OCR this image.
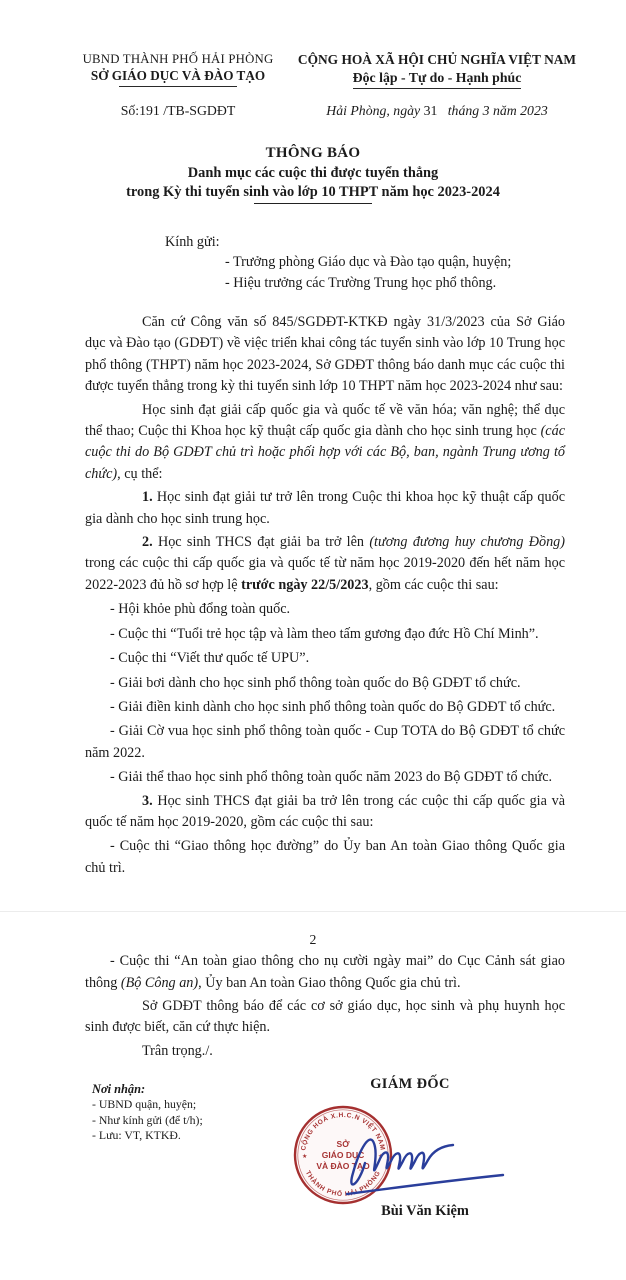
UBND THÀNH PHỐ HẢI PHÒNG
SỞ GIÁO DỤC VÀ ĐÀO TẠO
CỘNG HOÀ XÃ HỘI CHỦ NGHĨA VIỆT NAM
Độc lập - Tự do - Hạnh phúc
Số:191 /TB-SGDĐT	Hải Phòng, ngày 31   tháng 3 năm 2023
THÔNG BÁO
Danh mục các cuộc thi được tuyển thẳng
trong Kỳ thi tuyển sinh vào lớp 10 THPT năm học 2023-2024
Kính gửi:
- Trưởng phòng Giáo dục và Đào tạo quận, huyện;
- Hiệu trưởng các Trường Trung học phổ thông.

Căn cứ Công văn số 845/SGDĐT-KTKĐ ngày 31/3/2023 của Sở Giáo dục và Đào tạo (GDĐT) về việc triển khai công tác tuyển sinh vào lớp 10 Trung học phổ thông (THPT) năm học 2023-2024, Sở GDĐT thông báo danh mục các cuộc thi được tuyển thẳng trong kỳ thi tuyển sinh lớp 10 THPT năm học 2023-2024 như sau:

Học sinh đạt giải cấp quốc gia và quốc tế về văn hóa; văn nghệ; thể dục thể thao; Cuộc thi Khoa học kỹ thuật cấp quốc gia dành cho học sinh trung học (các cuộc thi do Bộ GDĐT chủ trì hoặc phối hợp với các Bộ, ban, ngành Trung ương tổ chức), cụ thể:

1. Học sinh đạt giải tư trở lên trong Cuộc thi khoa học kỹ thuật cấp quốc gia dành cho học sinh trung học.

2. Học sinh THCS đạt giải ba trở lên (tương đương huy chương Đồng) trong các cuộc thi cấp quốc gia và quốc tế từ năm học 2019-2020 đến hết năm học 2022-2023 đủ hồ sơ hợp lệ trước ngày 22/5/2023, gồm các cuộc thi sau:

- Hội khỏe phù đổng toàn quốc.

- Cuộc thi “Tuổi trẻ học tập và làm theo tấm gương đạo đức Hồ Chí Minh”.

- Cuộc thi “Viết thư quốc tế UPU”.

- Giải bơi dành cho học sinh phổ thông toàn quốc do Bộ GDĐT tổ chức.

- Giải điền kinh dành cho học sinh phổ thông toàn quốc do Bộ GDĐT tổ chức.

- Giải Cờ vua học sinh phổ thông toàn quốc - Cup TOTA do Bộ GDĐT tổ chức năm 2022.

- Giải thể thao học sinh phổ thông toàn quốc năm 2023 do Bộ GDĐT tổ chức.

3. Học sinh THCS đạt giải ba trở lên trong các cuộc thi cấp quốc gia và quốc tế năm học 2019-2020, gồm các cuộc thi sau:

- Cuộc thi “Giao thông học đường” do Ủy ban An toàn Giao thông Quốc gia chủ trì.

2

- Cuộc thi “An toàn giao thông cho nụ cười ngày mai” do Cục Cảnh sát giao thông (Bộ Công an), Ủy ban An toàn Giao thông Quốc gia chủ trì.

Sở GDĐT thông báo để các cơ sở giáo dục, học sinh và phụ huynh học sinh được biết, căn cứ thực hiện.

Trân trọng./.

Nơi nhận:
- UBND quận, huyện;
- Như kính gửi (để t/h);
- Lưu: VT, KTKĐ.
GIÁM ĐỐC
CỘNG HOÀ X.H.C.N VIỆT NAM
THÀNH PHỐ HẢI PHÒNG
★	★
SỞ
GIÁO DỤC
VÀ ĐÀO TẠO
Bùi Văn Kiệm
